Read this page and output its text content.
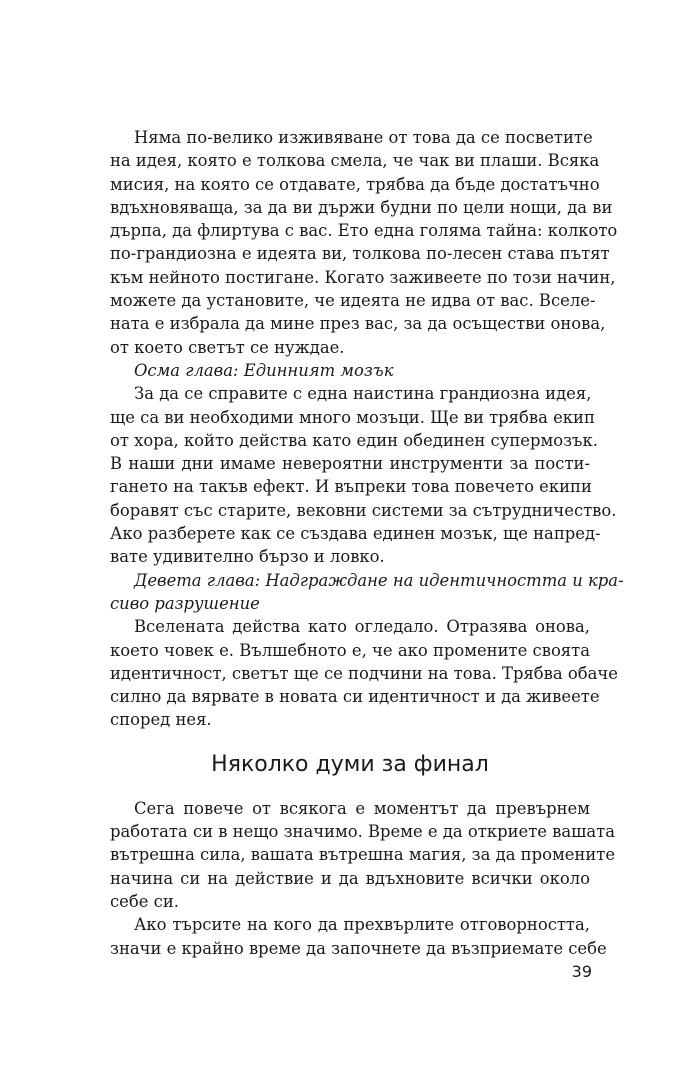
Няма по-велико изживяване от това да се посветите
на идея, която е толкова смела, че чак ви плаши. Всяка
мисия, на която се отдавате, трябва да бъде достатъчно
вдъхновяваща, за да ви държи будни по цели нощи, да ви
дърпа, да флиртува с вас. Ето една голяма тайна: колкото
по-грандиозна е идеята ви, толкова по-лесен става пътят
към нейното постигане. Когато заживеете по този начин,
можете да установите, че идеята не идва от вас. Вселе-
ната е избрала да мине през вас, за да осъществи онова,
от което светът се нуждае.
Осма глава: Единният мозък
За да се справите с една наистина грандиозна идея,
ще са ви необходими много мозъци. Ще ви трябва екип
от хора, който действа като един обединен супермозък.
В наши дни имаме невероятни инструменти за пости-
гането на такъв ефект. И въпреки това повечето екипи
боравят със старите, вековни системи за сътрудничество.
Ако разберете как се създава единен мозък, ще напред-
вате удивително бързо и ловко.
Девета глава: Надграждане на идентичността и кра-
сиво разрушение
Вселената действа като огледало. Отразява онова,
което човек е. Вълшебното е, че ако промените своята
идентичност, светът ще се подчини на това. Трябва обаче
силно да вярвате в новата си идентичност и да живеете
според нея.
Няколко думи за финал
Сега повече от всякога е моментът да превърнем
работата си в нещо значимо. Време е да откриете вашата
вътрешна сила, вашата вътрешна магия, за да промените
начина си на действие и да вдъхновите всички около
себе си.
Ако търсите на кого да прехвърлите отговорността,
значи е крайно време да започнете да възприемате себе
39
